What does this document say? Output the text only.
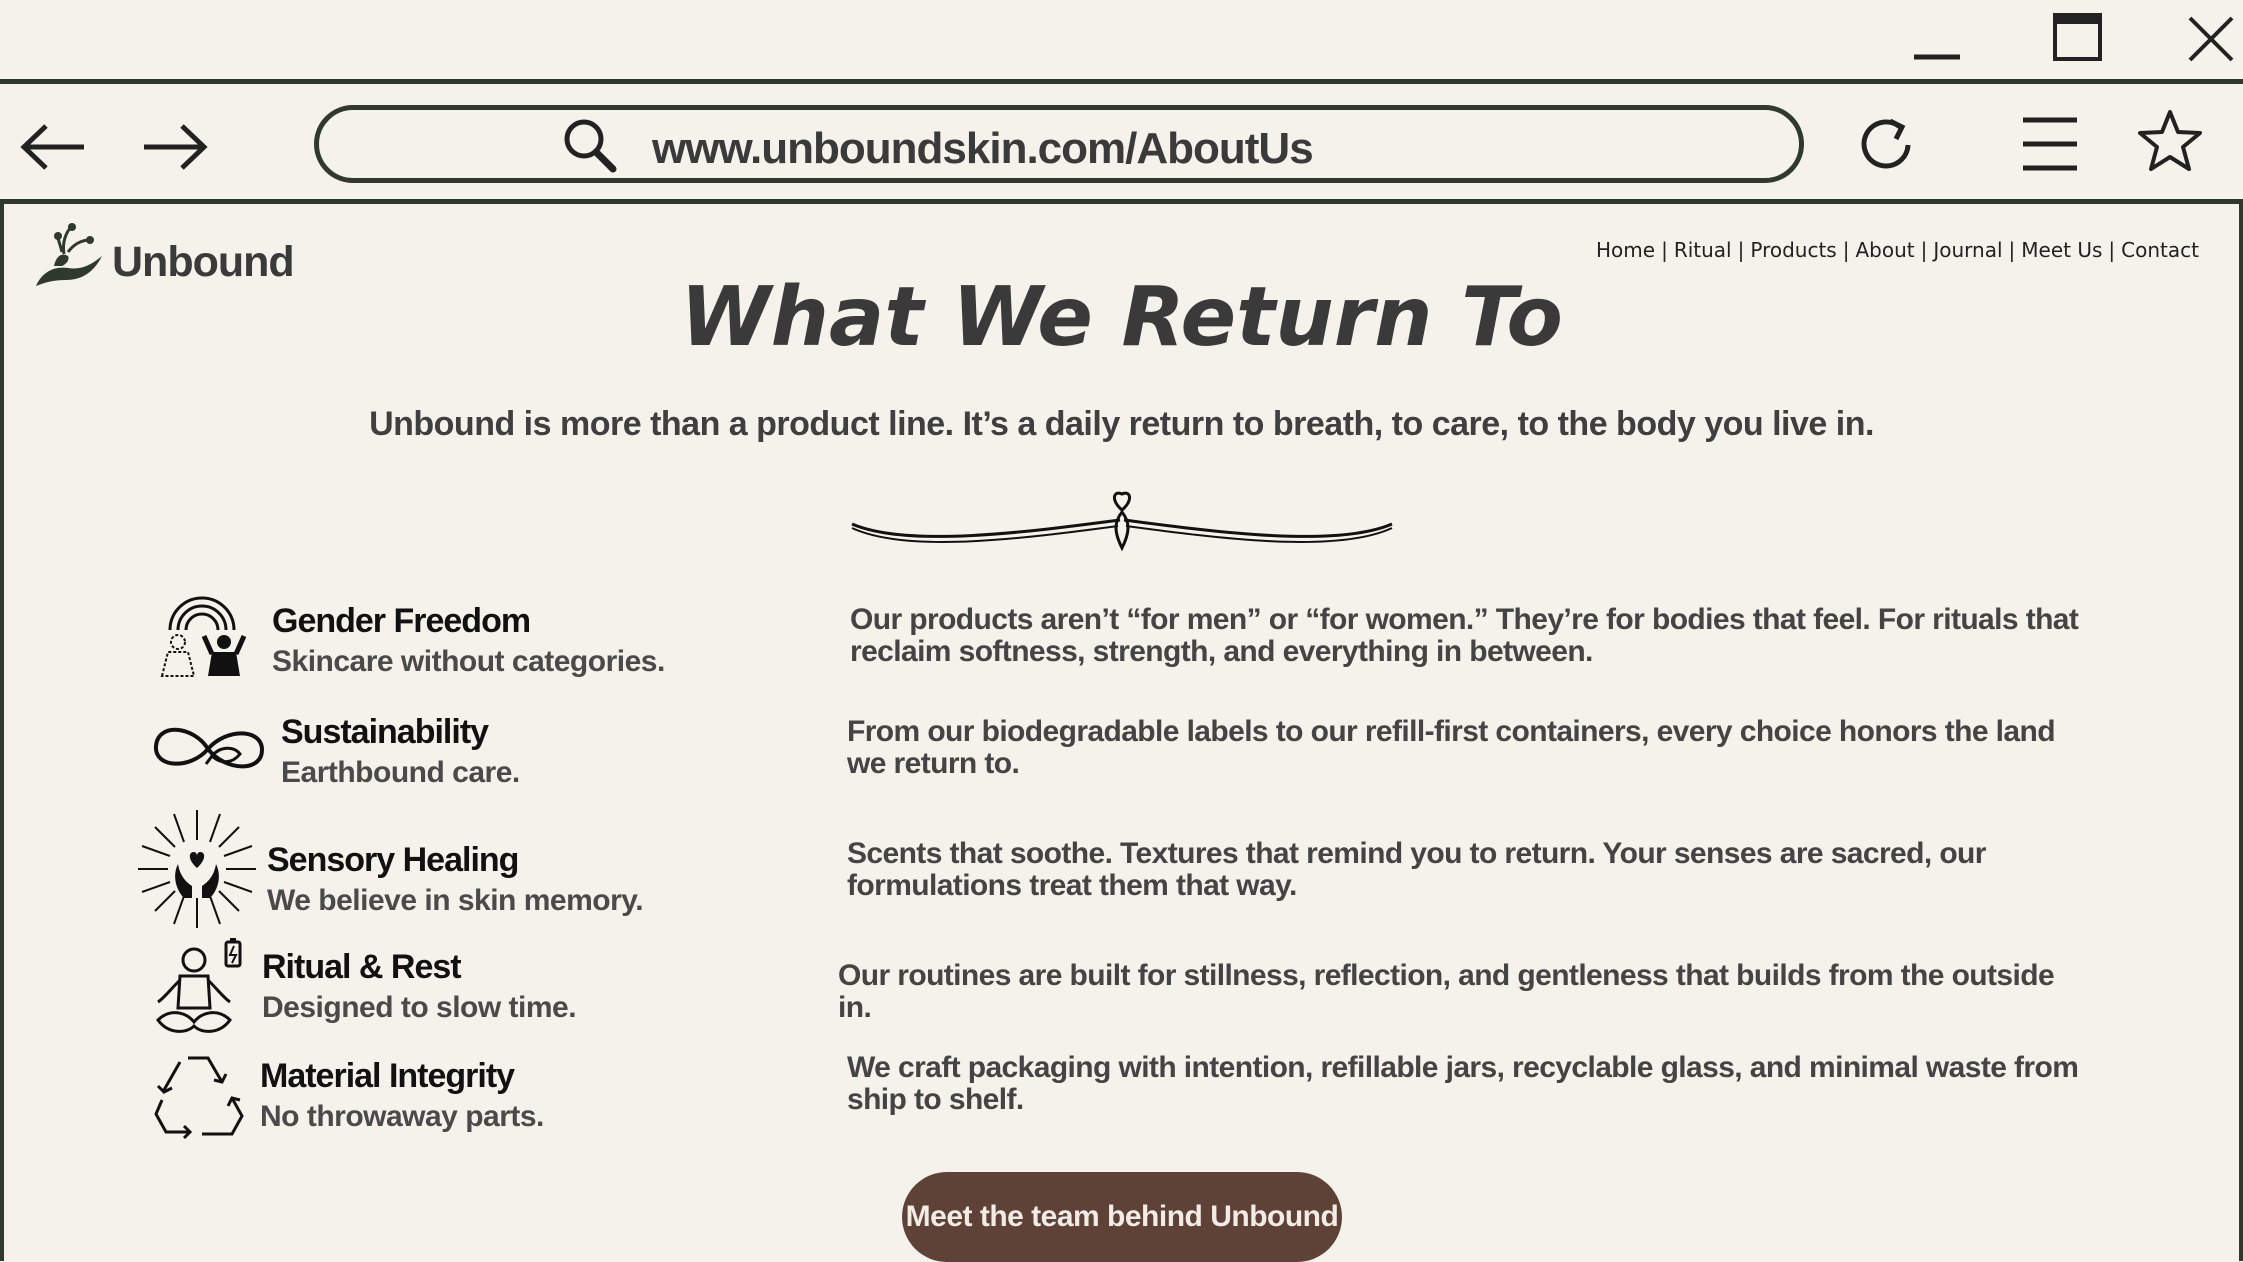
www.unboundskin.com/AboutUs
Unbound	Home | Ritual | Products | About | Journal | Meet Us | Contact
What We Return To
Unbound is more than a product line. It’s a daily return to breath, to care, to the body you live in.
Gender Freedom
Skincare without categories.
Our products aren’t “for men” or “for women.” They’re for bodies that feel. For rituals that reclaim softness, strength, and everything in between.
Sustainability
Earthbound care.
From our biodegradable labels to our refill-first containers, every choice honors the land we return to.
Sensory Healing
We believe in skin memory.
Scents that soothe. Textures that remind you to return. Your senses are sacred, our formulations treat them that way.
Ritual & Rest
Designed to slow time.
Our routines are built for stillness, reflection, and gentleness that builds from the outside in.
Material Integrity
No throwaway parts.
We craft packaging with intention, refillable jars, recyclable glass, and minimal waste from ship to shelf.
Meet the team behind Unbound
